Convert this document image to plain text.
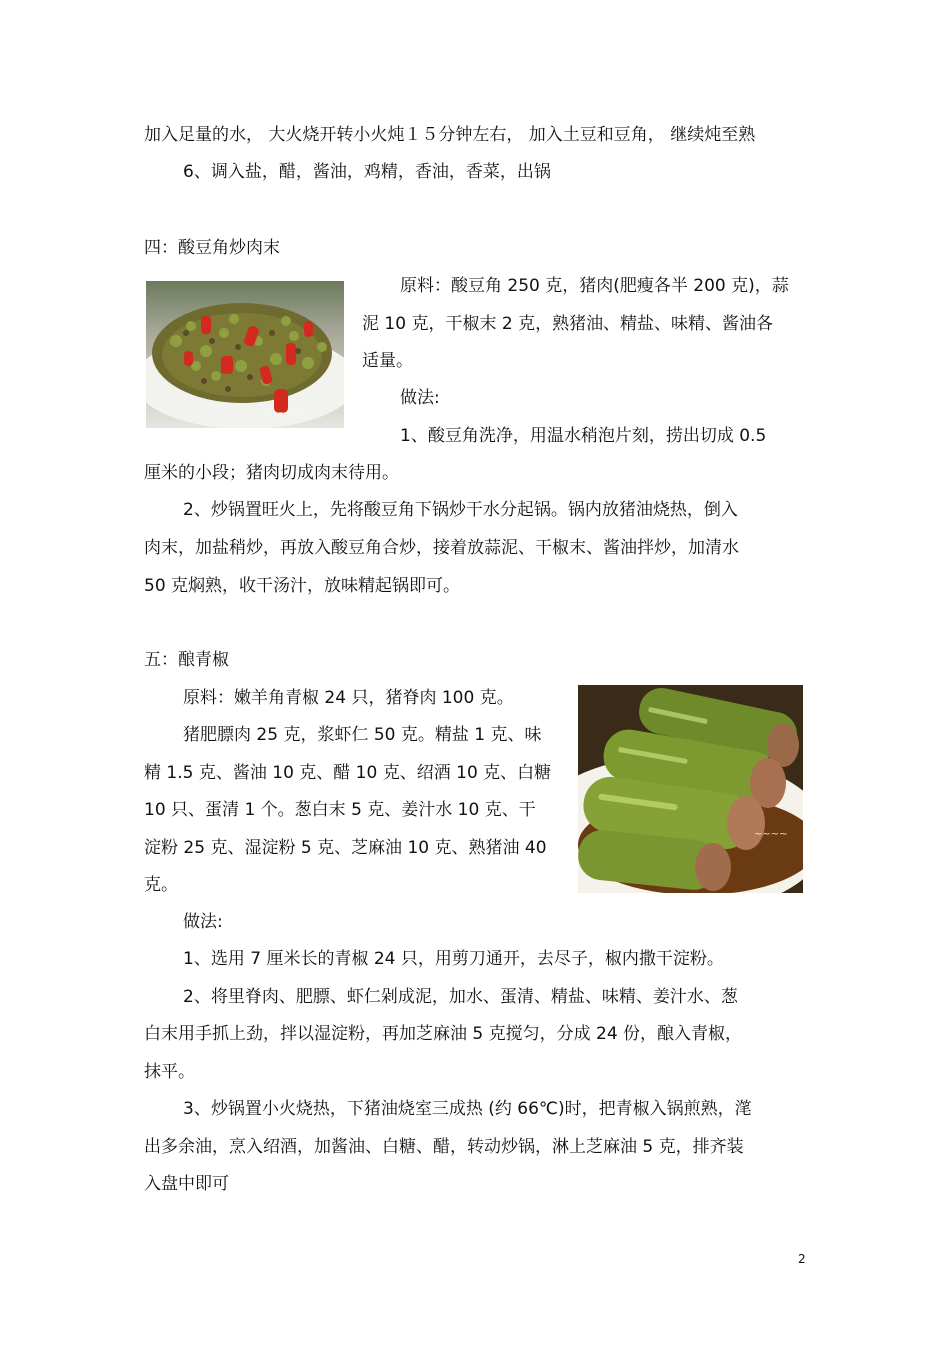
加入足量的水， 大火烧开转小火炖１５分钟左右， 加入土豆和豆角， 继续炖至熟
6、调入盐，醋，酱油，鸡精，香油，香菜，出锅
四：酸豆角炒肉末
~~~~~~
原料：酸豆角 250 克，猪肉(肥瘦各半 200 克)，蒜
泥 10 克，干椒末 2 克，熟猪油、精盐、味精、酱油各
适量。
做法:
1、酸豆角洗净，用温水稍泡片刻，捞出切成 0.5
厘米的小段；猪肉切成肉末待用。
2、炒锅置旺火上，先将酸豆角下锅炒干水分起锅。锅内放猪油烧热，倒入
肉末，加盐稍炒，再放入酸豆角合炒，接着放蒜泥、干椒末、酱油拌炒，加清水
50 克焖熟，收干汤汁，放味精起锅即可。
五：酿青椒
原料：嫩羊角青椒 24 只，猪脊肉 100 克。
猪肥膘肉 25 克，浆虾仁 50 克。精盐 1 克、味
精 1.5 克、酱油 10 克、醋 10 克、绍酒 10 克、白糖
10 只、蛋清 1 个。葱白末 5 克、姜汁水 10 克、干
淀粉 25 克、湿淀粉 5 克、芝麻油 10 克、熟猪油 40
克。
~~~~
做法:
1、选用 7 厘米长的青椒 24 只，用剪刀通开，去尽子，椒内撒干淀粉。
2、将里脊肉、肥膘、虾仁剁成泥，加水、蛋清、精盐、味精、姜汁水、葱
白末用手抓上劲，拌以湿淀粉，再加芝麻油 5 克搅匀，分成 24 份，酿入青椒，
抹平。
3、炒锅置小火烧热，下猪油烧室三成热 (约 66℃)时，把青椒入锅煎熟，滗
出多余油，烹入绍酒，加酱油、白糖、醋，转动炒锅，淋上芝麻油 5 克，排齐装
入盘中即可
2
